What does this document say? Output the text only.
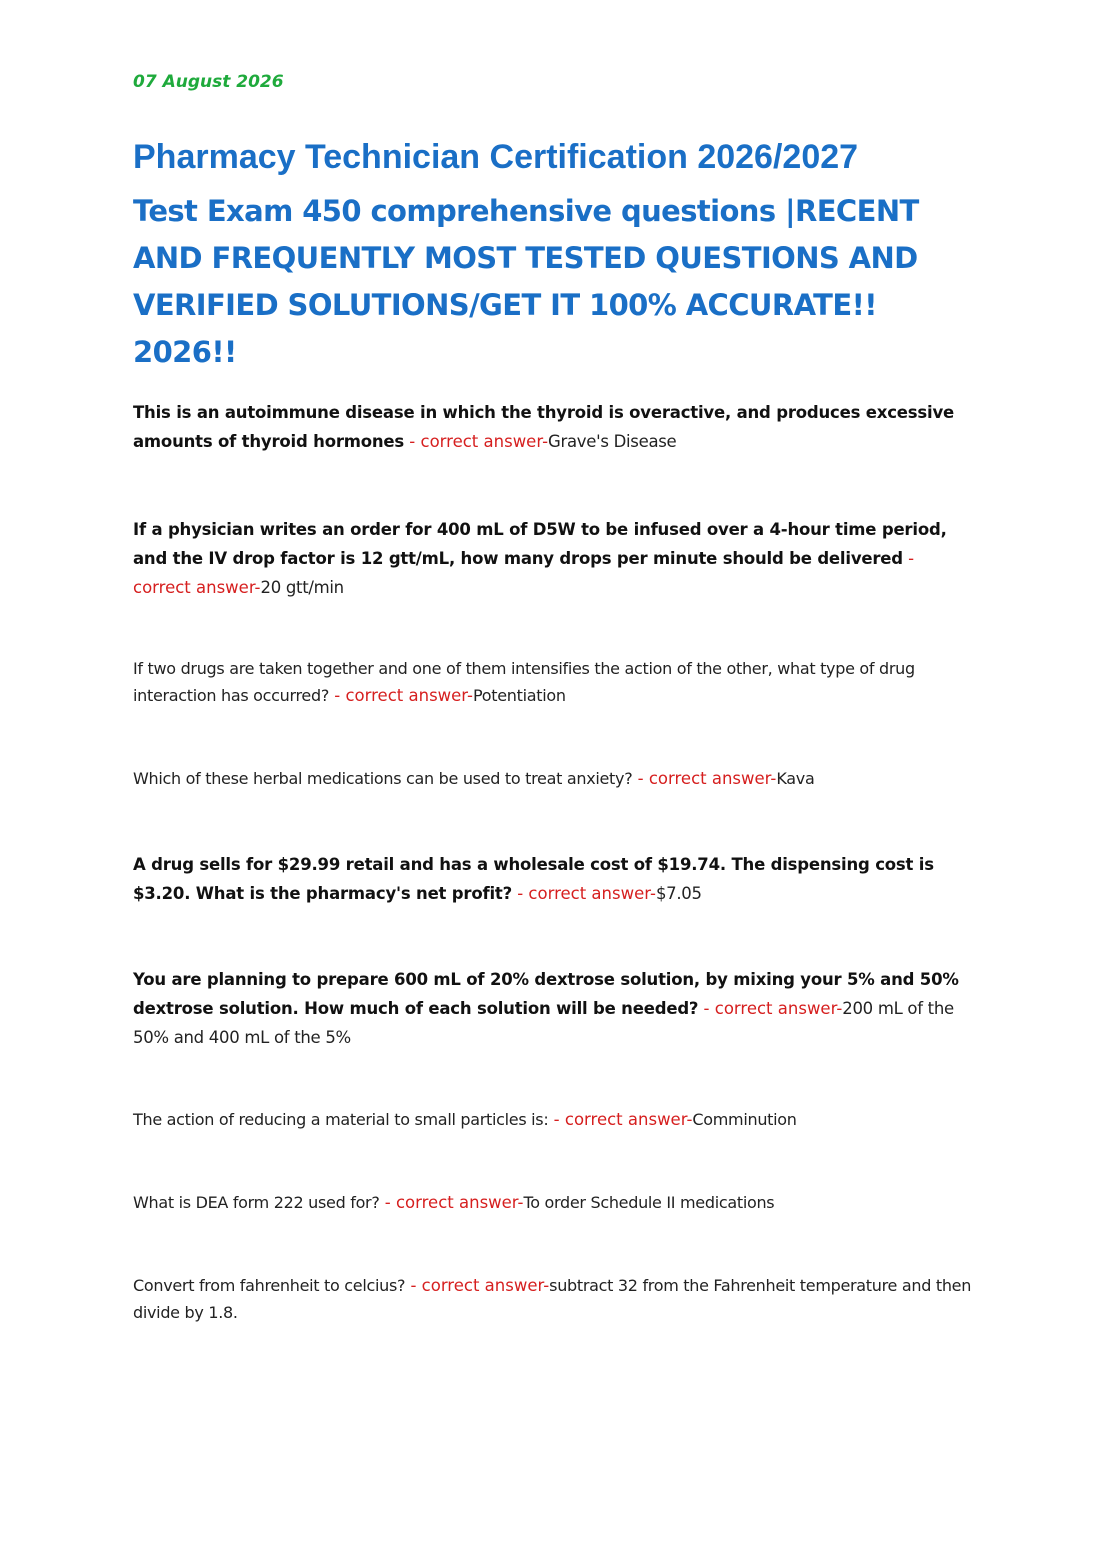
07 August 2026
Pharmacy Technician Certification 2026/2027
Test Exam 450 comprehensive questions |RECENT AND FREQUENTLY MOST TESTED QUESTIONS AND VERIFIED SOLUTIONS/GET IT 100% ACCURATE!! 2026!!
This is an autoimmune disease in which the thyroid is overactive, and produces excessive amounts of thyroid hormones - correct answer-Grave's Disease
If a physician writes an order for 400 mL of D5W to be infused over a 4-hour time period, and the IV drop factor is 12 gtt/mL, how many drops per minute should be delivered - correct answer-20 gtt/min
If two drugs are taken together and one of them intensifies the action of the other, what type of drug interaction has occurred? - correct answer-Potentiation
Which of these herbal medications can be used to treat anxiety? - correct answer-Kava
A drug sells for $29.99 retail and has a wholesale cost of $19.74. The dispensing cost is $3.20. What is the pharmacy's net profit? - correct answer-$7.05
You are planning to prepare 600 mL of 20% dextrose solution, by mixing your 5% and 50% dextrose solution. How much of each solution will be needed? - correct answer-200 mL of the 50% and 400 mL of the 5%
The action of reducing a material to small particles is: - correct answer-Comminution
What is DEA form 222 used for? - correct answer-To order Schedule II medications
Convert from fahrenheit to celcius? - correct answer-subtract 32 from the Fahrenheit temperature and then divide by 1.8.
